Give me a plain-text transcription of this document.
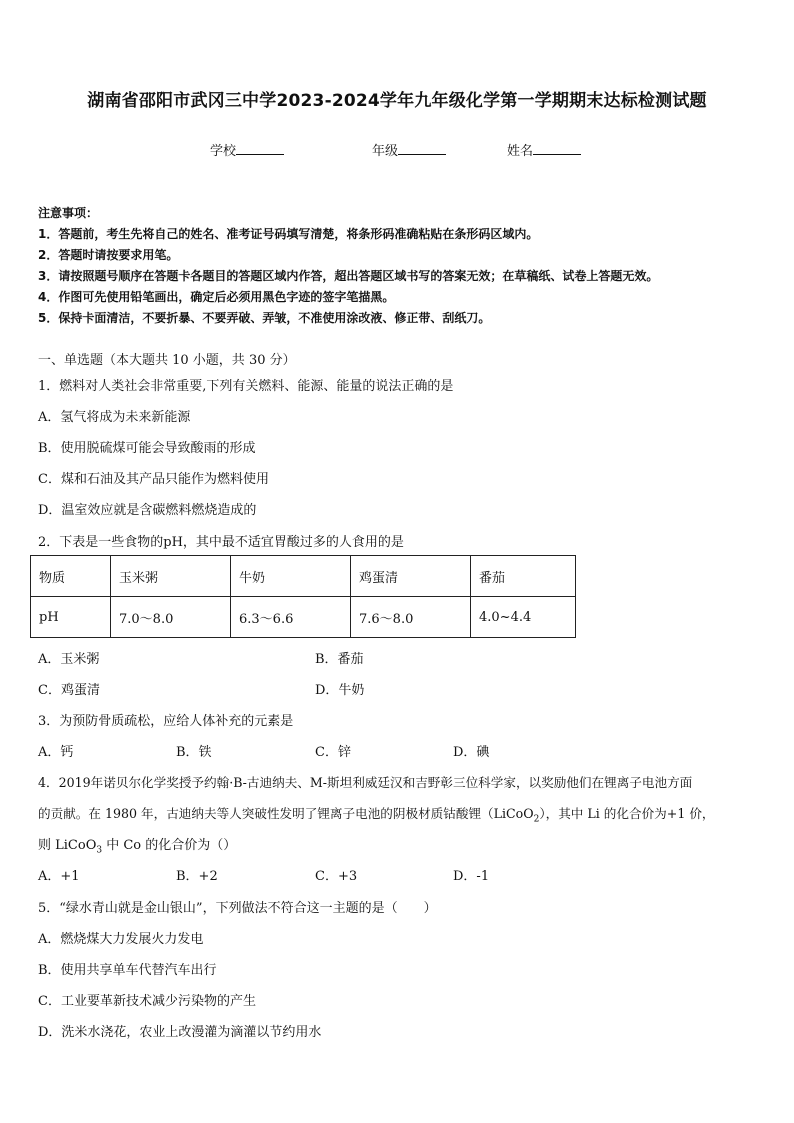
湖南省邵阳市武冈三中学2023-2024学年九年级化学第一学期期末达标检测试题
学校	年级	姓名
注意事项：
1．答题前，考生先将自己的姓名、准考证号码填写清楚，将条形码准确粘贴在条形码区域内。
2．答题时请按要求用笔。
3．请按照题号顺序在答题卡各题目的答题区域内作答，超出答题区域书写的答案无效；在草稿纸、试卷上答题无效。
4．作图可先使用铅笔画出，确定后必须用黑色字迹的签字笔描黑。
5．保持卡面清洁，不要折暴、不要弄破、弄皱，不准使用涂改液、修正带、刮纸刀。
一、单选题（本大题共 10 小题，共 30 分）
1．燃料对人类社会非常重要,下列有关燃料、能源、能量的说法正确的是
A．氢气将成为未来新能源
B．使用脱硫煤可能会导致酸雨的形成
C．煤和石油及其产品只能作为燃料使用
D．温室效应就是含碳燃料燃烧造成的
2．下表是一些食物的pH，其中最不适宜胃酸过多的人食用的是
物质	玉米粥	牛奶	鸡蛋清	番茄
pH	7.0～8.0	6.3～6.6	7.6～8.0	4.0~4.4
A．玉米粥	B．番茄
C．鸡蛋清	D．牛奶
3．为预防骨质疏松，应给人体补充的元素是
A．钙	B．铁	C．锌	D．碘
4．2019年诺贝尔化学奖授予约翰·B-古迪纳夫、M-斯坦利威廷汉和吉野彰三位科学家，以奖励他们在锂离子电池方面
的贡献。在 1980 年，古迪纳夫等人突破性发明了锂离子电池的阴极材质钴酸锂（LiCoO$_2$），其中 Li 的化合价为+1 价，
则 LiCoO$_3$ 中 Co 的化合价为（）
A．+1	B．+2	C．+3	D．-1
5．“绿水青山就是金山银山”，下列做法不符合这一主题的是（　　）
A．燃烧煤大力发展火力发电
B．使用共享单车代替汽车出行
C．工业要革新技术减少污染物的产生
D．洗米水浇花，农业上改漫灌为滴灌以节约用水
